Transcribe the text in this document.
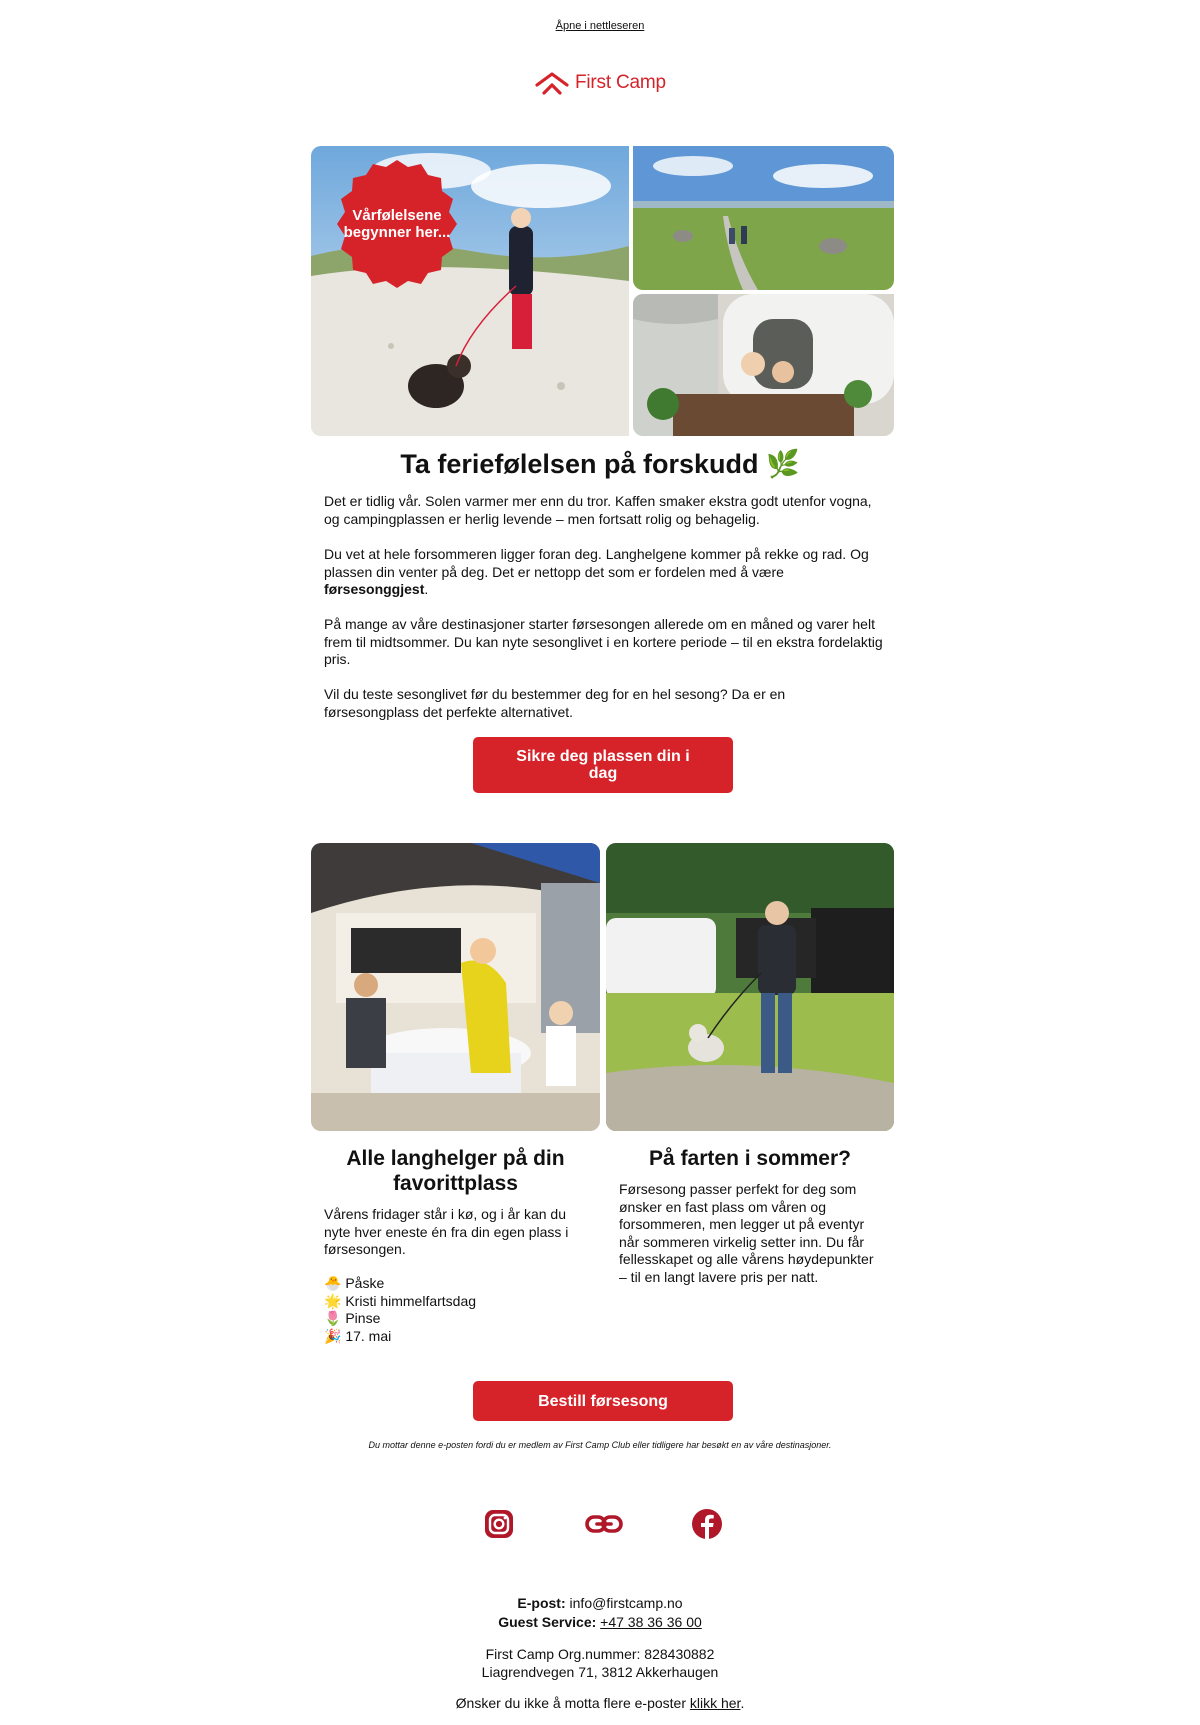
Åpne i nettleseren
First Camp
Vårfølelsene
begynner her...
Ta feriefølelsen på forskudd 🌿
Det er tidlig vår. Solen varmer mer enn du tror. Kaffen smaker ekstra godt utenfor vogna, og campingplassen er herlig levende – men fortsatt rolig og behagelig.
Du vet at hele forsommeren ligger foran deg. Langhelgene kommer på rekke og rad. Og plassen din venter på deg. Det er nettopp det som er fordelen med å være førsesonggjest.
På mange av våre destinasjoner starter førsesongen allerede om en måned og varer helt frem til midtsommer. Du kan nyte sesonglivet i en kortere periode – til en ekstra fordelaktig pris.
Vil du teste sesonglivet før du bestemmer deg for en hel sesong? Da er en førsesongplass det perfekte alternativet.
Sikre deg plassen din i dag
Alle langhelger på din favorittplass
Vårens fridager står i kø, og i år kan du nyte hver eneste én fra din egen plass i førsesongen.
🐣 Påske
🌟 Kristi himmelfartsdag
🌷 Pinse
🎉 17. mai
På farten i sommer?
Førsesong passer perfekt for deg som ønsker en fast plass om våren og forsommeren, men legger ut på eventyr når sommeren virkelig setter inn. Du får fellesskapet og alle vårens høydepunkter – til en langt lavere pris per natt.
Bestill førsesong
Du mottar denne e-posten fordi du er medlem av First Camp Club eller tidligere har besøkt en av våre destinasjoner.
E-post: info@firstcamp.no
Guest Service: +47 38 36 36 00
First Camp Org.nummer: 828430882
Liagrendvegen 71, 3812 Akkerhaugen
Ønsker du ikke å motta flere e-poster klikk her.
